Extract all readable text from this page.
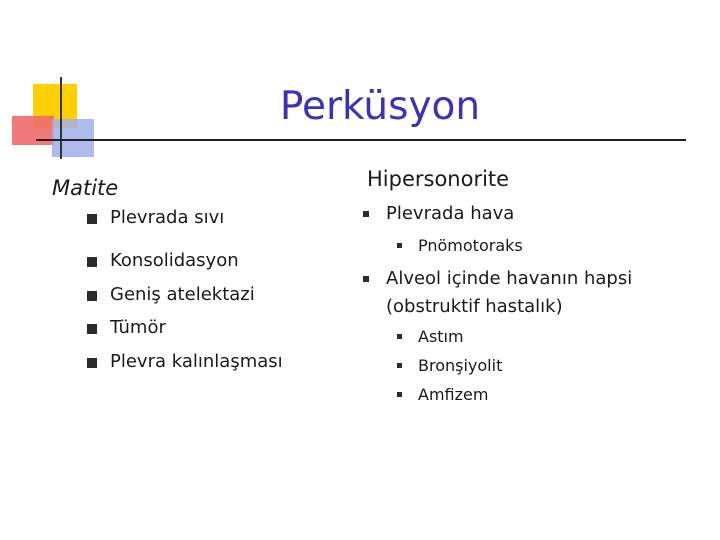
Perküsyon
Matite
Plevrada sıvı
Konsolidasyon
Geniş atelektazi
Tümör
Plevra kalınlaşması
Hipersonorite
Plevrada hava
Pnömotoraks
Alveol içinde havanın hapsi
(obstruktif hastalık)
Astım
Bronşiyolit
Amfizem
